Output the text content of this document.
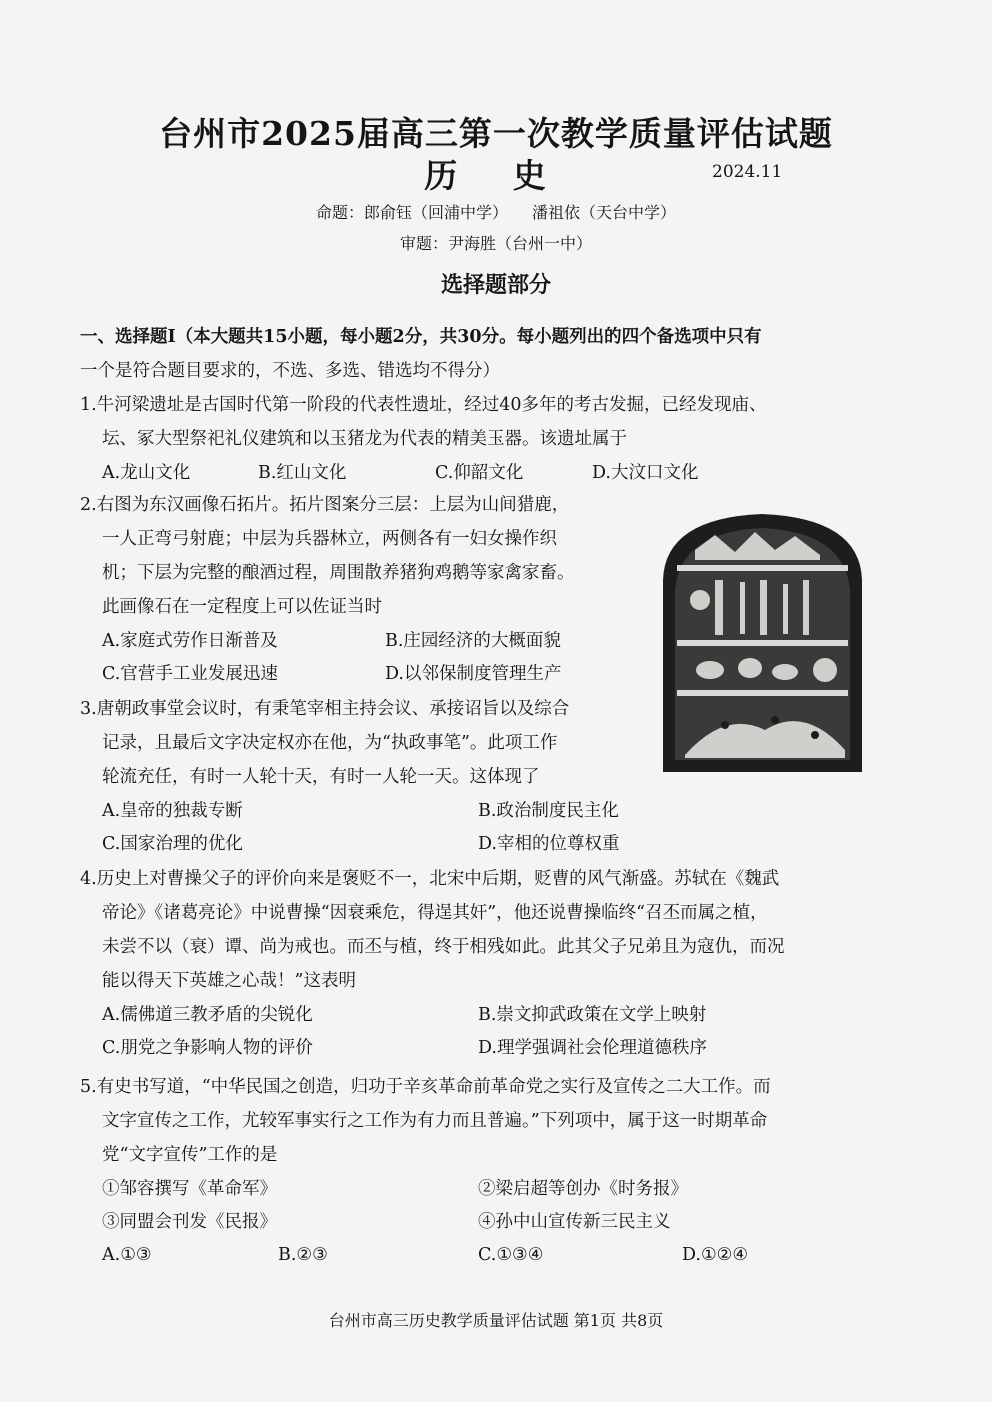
台州市2025届高三第一次教学质量评估试题
历 史	2024.11
命题：郎俞钰（回浦中学）　　潘祖依（天台中学）
审题：尹海胜（台州一中）
选择题部分
一、选择题Ⅰ（本大题共15小题，每小题2分，共30分。每小题列出的四个备选项中只有
一个是符合题目要求的，不选、多选、错选均不得分）
1.牛河梁遗址是古国时代第一阶段的代表性遗址，经过40多年的考古发掘，已经发现庙、
坛、冢大型祭祀礼仪建筑和以玉猪龙为代表的精美玉器。该遗址属于
A.龙山文化	B.红山文化	C.仰韶文化	D.大汶口文化
2.右图为东汉画像石拓片。拓片图案分三层：上层为山间猎鹿，
一人正弯弓射鹿；中层为兵器林立，两侧各有一妇女操作织
机；下层为完整的酿酒过程，周围散养猪狗鸡鹅等家禽家畜。
此画像石在一定程度上可以佐证当时
A.家庭式劳作日渐普及	B.庄园经济的大概面貌
C.官营手工业发展迅速	D.以邻保制度管理生产
3.唐朝政事堂会议时，有秉笔宰相主持会议、承接诏旨以及综合
记录，且最后文字决定权亦在他，为“执政事笔”。此项工作
轮流充任，有时一人轮十天，有时一人轮一天。这体现了
A.皇帝的独裁专断	B.政治制度民主化
C.国家治理的优化	D.宰相的位尊权重
4.历史上对曹操父子的评价向来是褒贬不一，北宋中后期，贬曹的风气渐盛。苏轼在《魏武
帝论》《诸葛亮论》中说曹操“因衰乘危，得逞其奸”，他还说曹操临终“召丕而属之植，
未尝不以（衰）谭、尚为戒也。而丕与植，终于相残如此。此其父子兄弟且为寇仇，而况
能以得天下英雄之心哉！”这表明
A.儒佛道三教矛盾的尖锐化	B.崇文抑武政策在文学上映射
C.朋党之争影响人物的评价	D.理学强调社会伦理道德秩序
5.有史书写道，“中华民国之创造，归功于辛亥革命前革命党之实行及宣传之二大工作。而
文字宣传之工作，尤较军事实行之工作为有力而且普遍。”下列项中，属于这一时期革命
党“文字宣传”工作的是
①邹容撰写《革命军》	②梁启超等创办《时务报》
③同盟会刊发《民报》	④孙中山宣传新三民主义
A.①③	B.②③	C.①③④	D.①②④
台州市高三历史教学质量评估试题 第1页 共8页
